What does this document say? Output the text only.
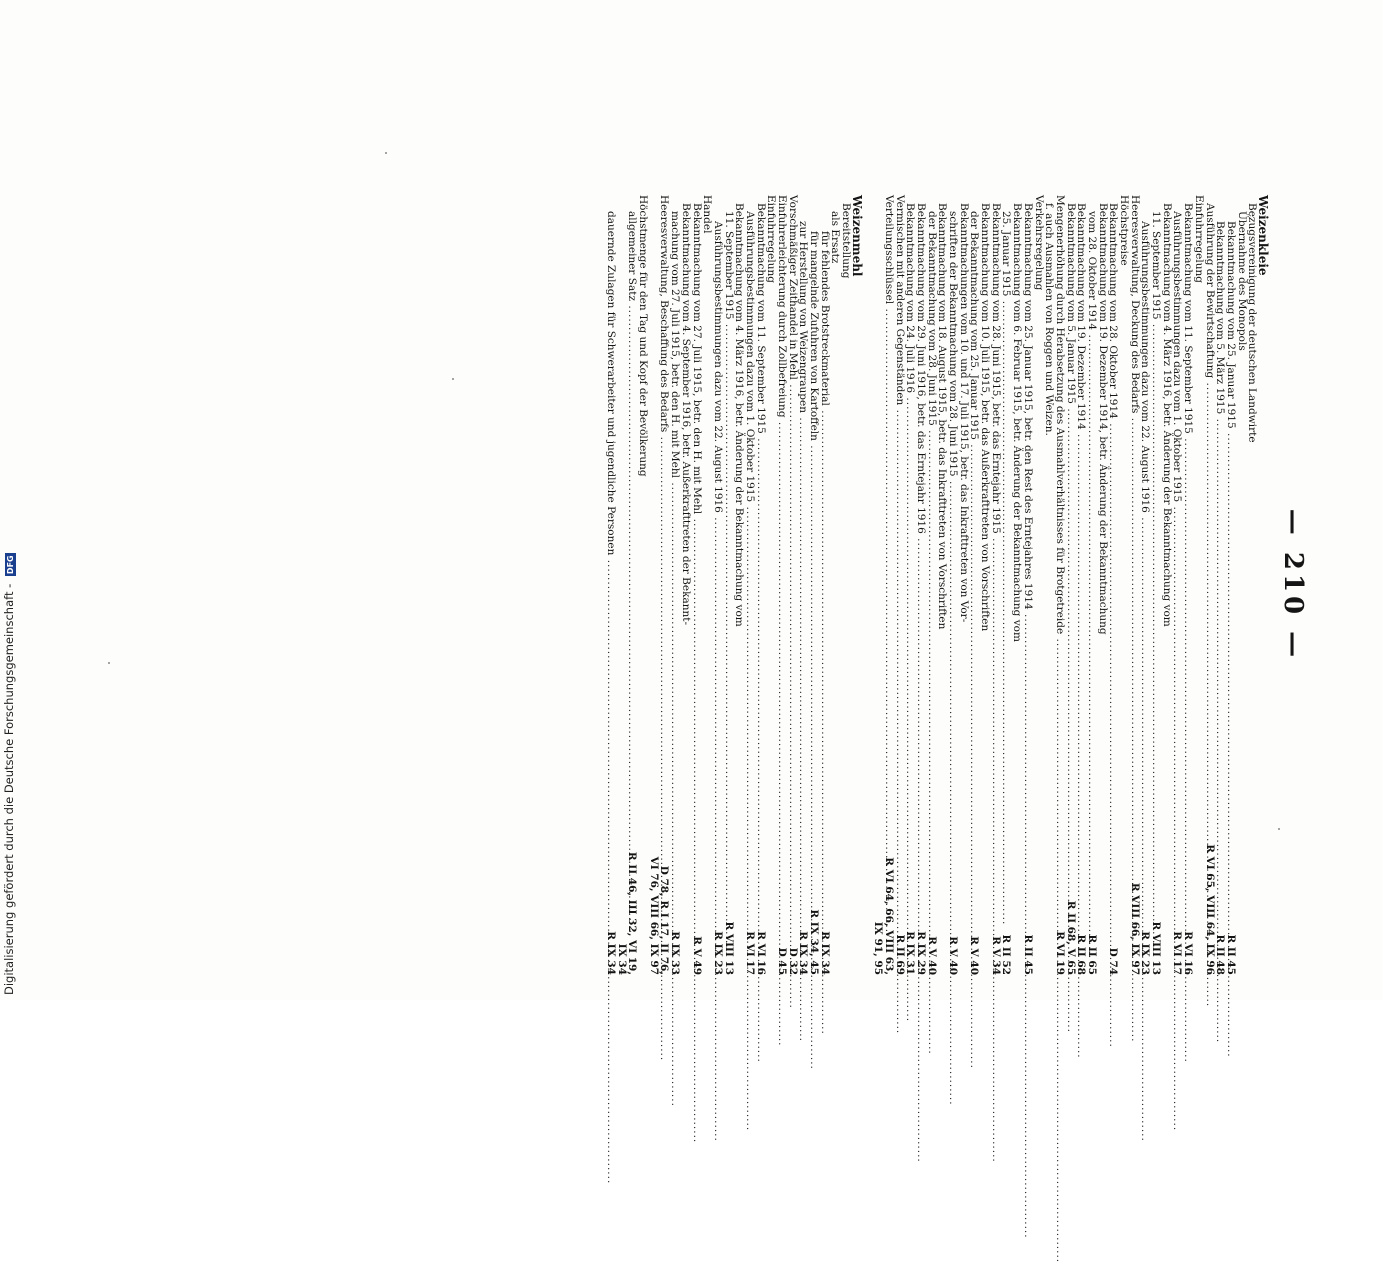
— 210 —
Weizenkleie
Bezugsvereinigung der deutschen Landwirte
Übernahme des Monopols
Bekanntmachung vom 25. Januar 1915 .....
R II 45
Bekanntmachung vom 5. März 1915 .....
R II 48
Ausführung der Bewirtschaftung .....
R VI 65, VIII 64, IX 96
Einfuhrregelung
Bekanntmachung vom 11. September 1915 .....
R VI 16
Ausführungsbestimmungen dazu vom 1. Oktober 1915 .....
R VI 17
Bekanntmachung vom 4. März 1916, betr. Änderung der Bekanntmachung vom
11. September 1915 .....
R VIII 13
Ausführungsbestimmungen dazu vom 22. August 1916 .....
R IX 23
Heeresverwaltung, Deckung des Bedarfs .....
R VIII 66, IX 97
Höchstpreise
Bekanntmachung vom 28. Oktober 1914 .....
D 74
Bekanntmachung vom 19. Dezember 1914, betr. Änderung der Bekanntmachung
vom 28. Oktober 1914 .....
R II 65
Bekanntmachung vom 19. Dezember 1914 .....
R II 68
Bekanntmachung vom 5. Januar 1915 .....
R II 68, V 65
Mengenerhöhung durch Herabsetzung des Ausmahlverhältnisses für Brotgetreide .....
R VI 19
f. auch Ausmahlen von Roggen und Weizen.
Verkehrsregelung
Bekanntmachung vom 25. Januar 1915, betr. den Rest des Erntejahres 1914 .....
R II 45
Bekanntmachung vom 6. Februar 1915, betr. Änderung der Bekanntmachung vom
25. Januar 1915 .....
R II 52
Bekanntmachung vom 28. Juni 1915, betr. das Erntejahr 1915 .....
R V 34
Bekanntmachung vom 10. Juli 1915, betr. das Außerkrafttreten von Vorschriften
der Bekanntmachung vom 25. Januar 1915 .....
R V 40
Bekanntmachungen vom 10. und 17. Juli 1915, betr. das Inkrafttreten von Vor-
schriften der Bekanntmachung vom 28. Juni 1915 .....
R V 40
Bekanntmachung vom 18. August 1915, betr. das Inkrafttreten von Vorschriften
der Bekanntmachung vom 28. Juni 1915 .....
R V 40
Bekanntmachung vom 29. Juni 1916, betr. das Erntejahr 1916 .....
R IX 29
Bekanntmachung vom 24. Juli 1916 .....
R IX 31
Vermischen mit anderen Gegenständen .....
R II 69
Verteilungsschlüssel .....
R VI 64, 66, VIII 63,
IX 91, 95
Weizenmehl
Bereitstellung
als Ersatz
für fehlendes Brotstreckmaterial .....
R IX 34
für mangelnde Zufuhren von Kartoffeln .....
R IX 34, 45
zur Herstellung von Weizengraupen .....
R IX 34
Vorschmäßiger Zeithandel in Mehl .....
D 32
Einfuhrerleichterung durch Zollbefreiung .....
D 45
Einfuhrregelung
Bekanntmachung vom 11. September 1915 .....
R VI 16
Ausführungsbestimmungen dazu vom 1. Oktober 1915 .....
R VI 17
Bekanntmachung vom 4. März 1916, betr. Änderung der Bekanntmachung vom
11. September 1915 .....
R VIII 13
Ausführungsbestimmungen dazu vom 22. August 1916 .....
R IX 23
Handel
Bekanntmachung vom 27. Juli 1915, betr. den H. mit Mehl .....
R V 49
Bekanntmachung vom 4. September 1916, betr. Außerkrafttreten der Bekannt-
machung vom 27. Juli 1915, betr. den H. mit Mehl .....
R IX 33
Heeresverwaltung, Beschaffung des Bedarfs .....
D 78, R I 17, II 76,
VI 76, VIII 66, IX 97
Höchstmenge für den Tag und Kopf der Bevölkerung
allgemeiner Satz .....
R II 46, III 32, VI 19,
IX 34
dauernde Zulagen für Schwerarbeiter und jugendliche Personen .....
R IX 34
Digitalisierung gefördert durch die Deutsche Forschungsgemeinschaft - DFG
